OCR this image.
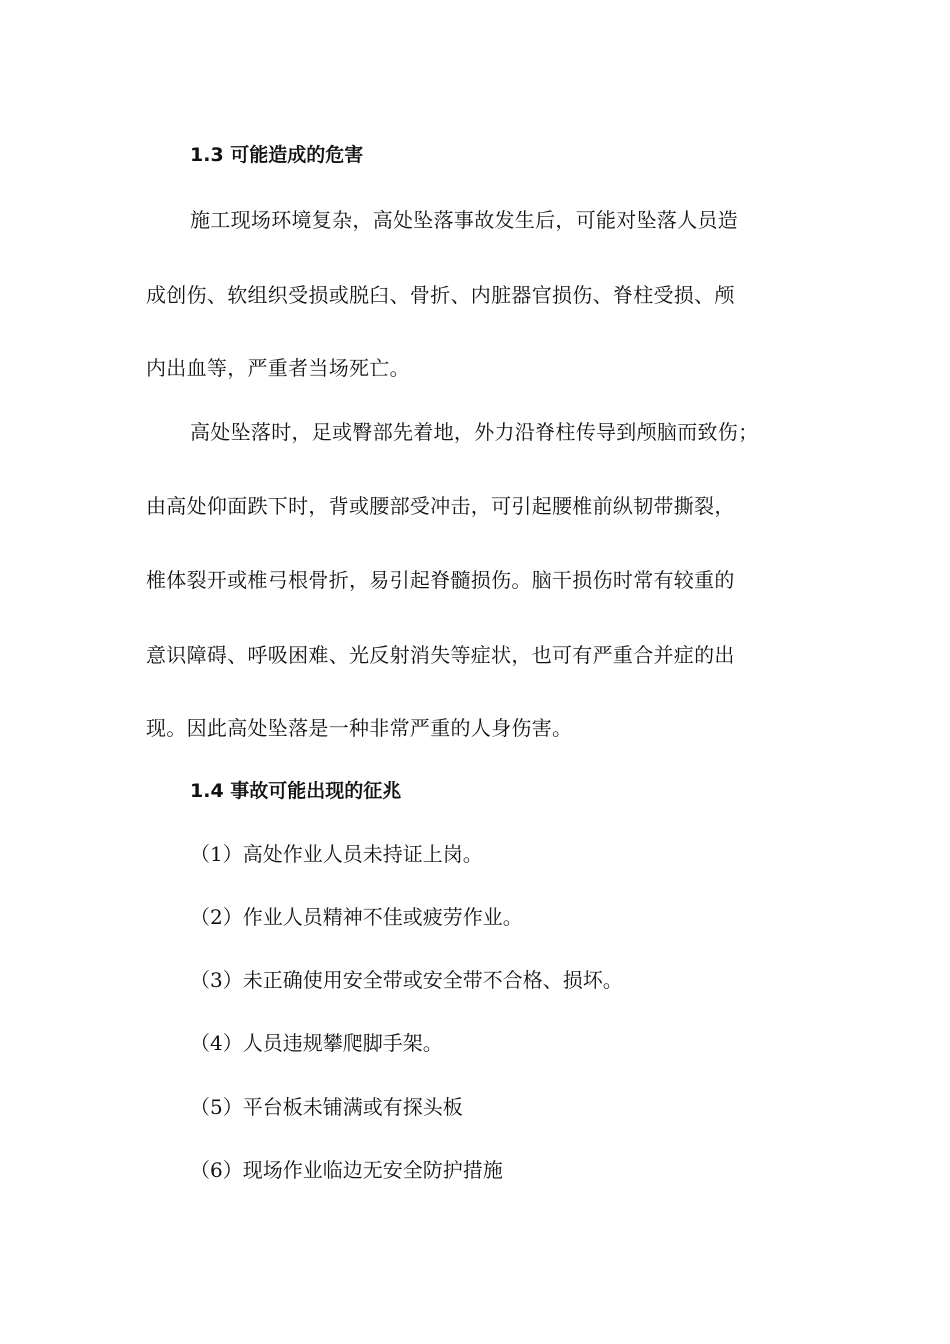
1.3 可能造成的危害
施工现场环境复杂，高处坠落事故发生后，可能对坠落人员造
成创伤、软组织受损或脱臼、骨折、内脏器官损伤、脊柱受损、颅
内出血等，严重者当场死亡。
高处坠落时，足或臀部先着地，外力沿脊柱传导到颅脑而致伤；
由高处仰面跌下时，背或腰部受冲击，可引起腰椎前纵韧带撕裂，
椎体裂开或椎弓根骨折，易引起脊髓损伤。脑干损伤时常有较重的
意识障碍、呼吸困难、光反射消失等症状，也可有严重合并症的出
现。因此高处坠落是一种非常严重的人身伤害。
1.4 事故可能出现的征兆
（1）高处作业人员未持证上岗。
（2）作业人员精神不佳或疲劳作业。
（3）未正确使用安全带或安全带不合格、损坏。
（4）人员违规攀爬脚手架。
（5）平台板未铺满或有探头板
（6）现场作业临边无安全防护措施
